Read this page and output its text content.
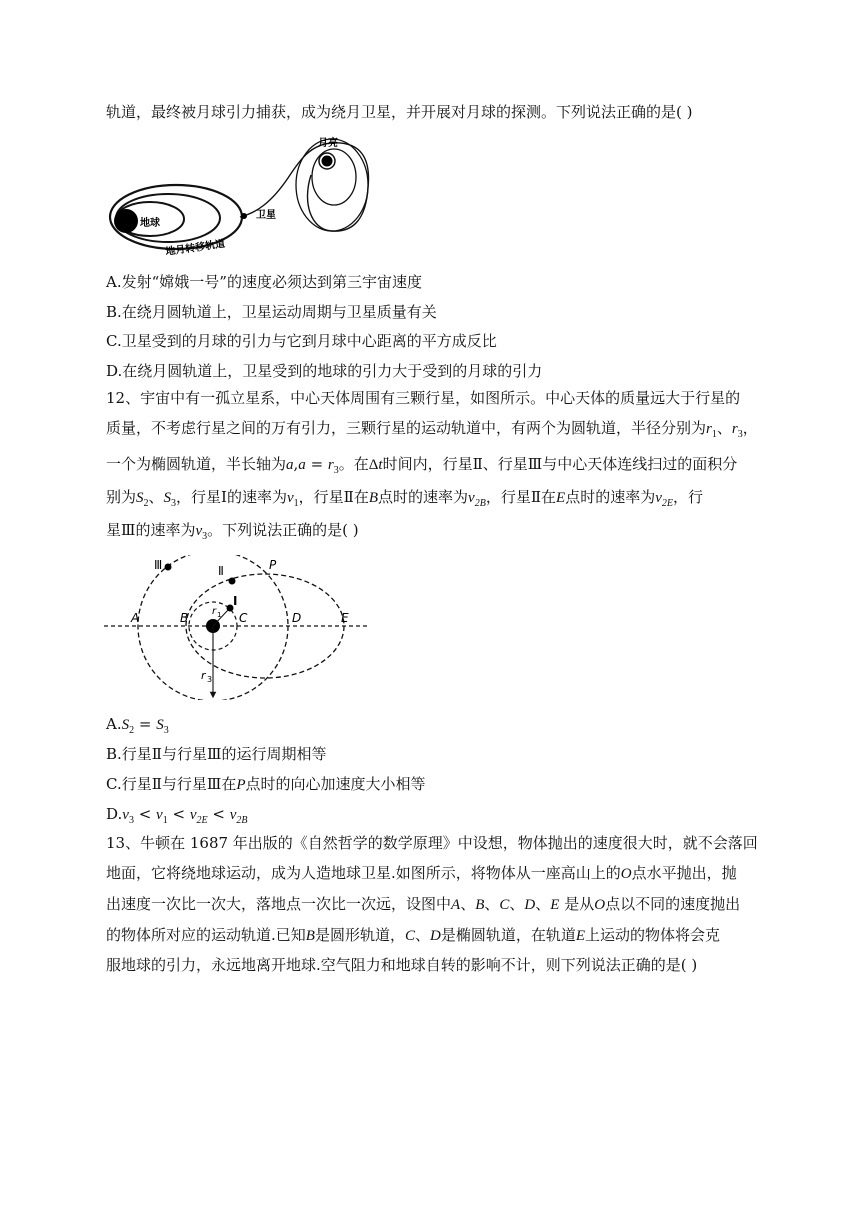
轨道，最终被月球引力捕获，成为绕月卫星，并开展对月球的探测。下列说法正确的是( )
地球
月亮
卫星
地月转移轨道
A.发射“嫦娥一号”的速度必须达到第三宇宙速度
B.在绕月圆轨道上，卫星运动周期与卫星质量有关
C.卫星受到的月球的引力与它到月球中心距离的平方成反比
D.在绕月圆轨道上，卫星受到的地球的引力大于受到的月球的引力
12、宇宙中有一孤立星系，中心天体周围有三颗行星，如图所示。中心天体的质量远大于行星的
质量，不考虑行星之间的万有引力，三颗行星的运动轨道中，有两个为圆轨道，半径分别为$r_1$、$r_3$，
一个为椭圆轨道，半长轴为$a,a = r_3$。在Δt时间内，行星Ⅱ、行星Ⅲ与中心天体连线扫过的面积分
别为$S_2$、$S_3$，行星Ⅰ的速率为$v_1$，行星Ⅱ在B点时的速率为$v_{2B}$，行星Ⅱ在E点时的速率为$v_{2E}$，行
星Ⅲ的速率为$v_3$。下列说法正确的是( )
Ⅲ	Ⅱ
I
P
A	B	C	D	E
r 1
r 3
$A.S_2 = S_3$
B.行星Ⅱ与行星Ⅲ的运行周期相等
C.行星Ⅱ与行星Ⅲ在P点时的向心加速度大小相等
$D.v_3 < v_1 < v_{2E} < v_{2B}$
13、牛顿在 1687 年出版的《自然哲学的数学原理》中设想，物体抛出的速度很大时，就不会落回
地面，它将绕地球运动，成为人造地球卫星.如图所示，将物体从一座高山上的O点水平抛出，抛
出速度一次比一次大，落地点一次比一次远，设图中A、B、C、D、E 是从O点以不同的速度抛出
的物体所对应的运动轨道.已知B是圆形轨道，C、D是椭圆轨道，在轨道E上运动的物体将会克
服地球的引力，永远地离开地球.空气阻力和地球自转的影响不计，则下列说法正确的是( )
